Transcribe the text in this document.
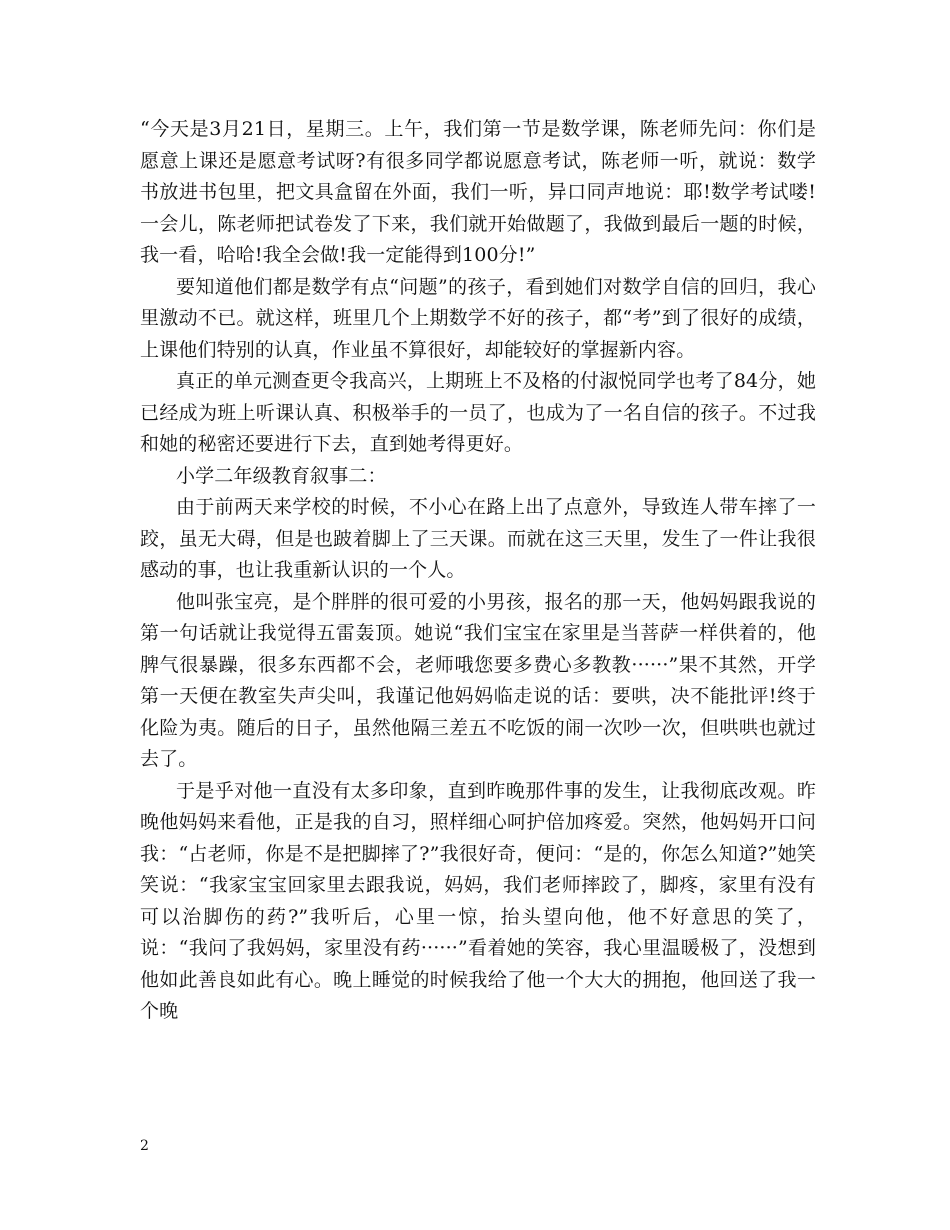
“今天是3月21日，星期三。上午，我们第一节是数学课，陈老师先问：你们是愿意上课还是愿意考试呀?有很多同学都说愿意考试，陈老师一听，就说：数学书放进书包里，把文具盒留在外面，我们一听，异口同声地说：耶!数学考试喽!一会儿，陈老师把试卷发了下来，我们就开始做题了，我做到最后一题的时候，我一看，哈哈!我全会做!我一定能得到100分!”

要知道他们都是数学有点“问题”的孩子，看到她们对数学自信的回归，我心里激动不已。就这样，班里几个上期数学不好的孩子，都“考”到了很好的成绩，上课他们特别的认真，作业虽不算很好，却能较好的掌握新内容。

真正的单元测查更令我高兴，上期班上不及格的付淑悦同学也考了84分，她已经成为班上听课认真、积极举手的一员了，也成为了一名自信的孩子。不过我和她的秘密还要进行下去，直到她考得更好。

小学二年级教育叙事二：

由于前两天来学校的时候，不小心在路上出了点意外，导致连人带车摔了一跤，虽无大碍，但是也跛着脚上了三天课。而就在这三天里，发生了一件让我很感动的事，也让我重新认识的一个人。

他叫张宝亮，是个胖胖的很可爱的小男孩，报名的那一天，他妈妈跟我说的第一句话就让我觉得五雷轰顶。她说“我们宝宝在家里是当菩萨一样供着的，他脾气很暴躁，很多东西都不会，老师哦您要多费心多教教······”果不其然，开学第一天便在教室失声尖叫，我谨记他妈妈临走说的话：要哄，决不能批评!终于化险为夷。随后的日子，虽然他隔三差五不吃饭的闹一次吵一次，但哄哄也就过去了。

于是乎对他一直没有太多印象，直到昨晚那件事的发生，让我彻底改观。昨晚他妈妈来看他，正是我的自习，照样细心呵护倍加疼爱。突然，他妈妈开口问我：“占老师，你是不是把脚摔了?”我很好奇，便问：“是的，你怎么知道?”她笑笑说：“我家宝宝回家里去跟我说，妈妈，我们老师摔跤了，脚疼，家里有没有可以治脚伤的药?”我听后，心里一惊，抬头望向他，他不好意思的笑了，说：“我问了我妈妈，家里没有药······”看着她的笑容，我心里温暖极了，没想到他如此善良如此有心。晚上睡觉的时候我给了他一个大大的拥抱，他回送了我一个晚

2
